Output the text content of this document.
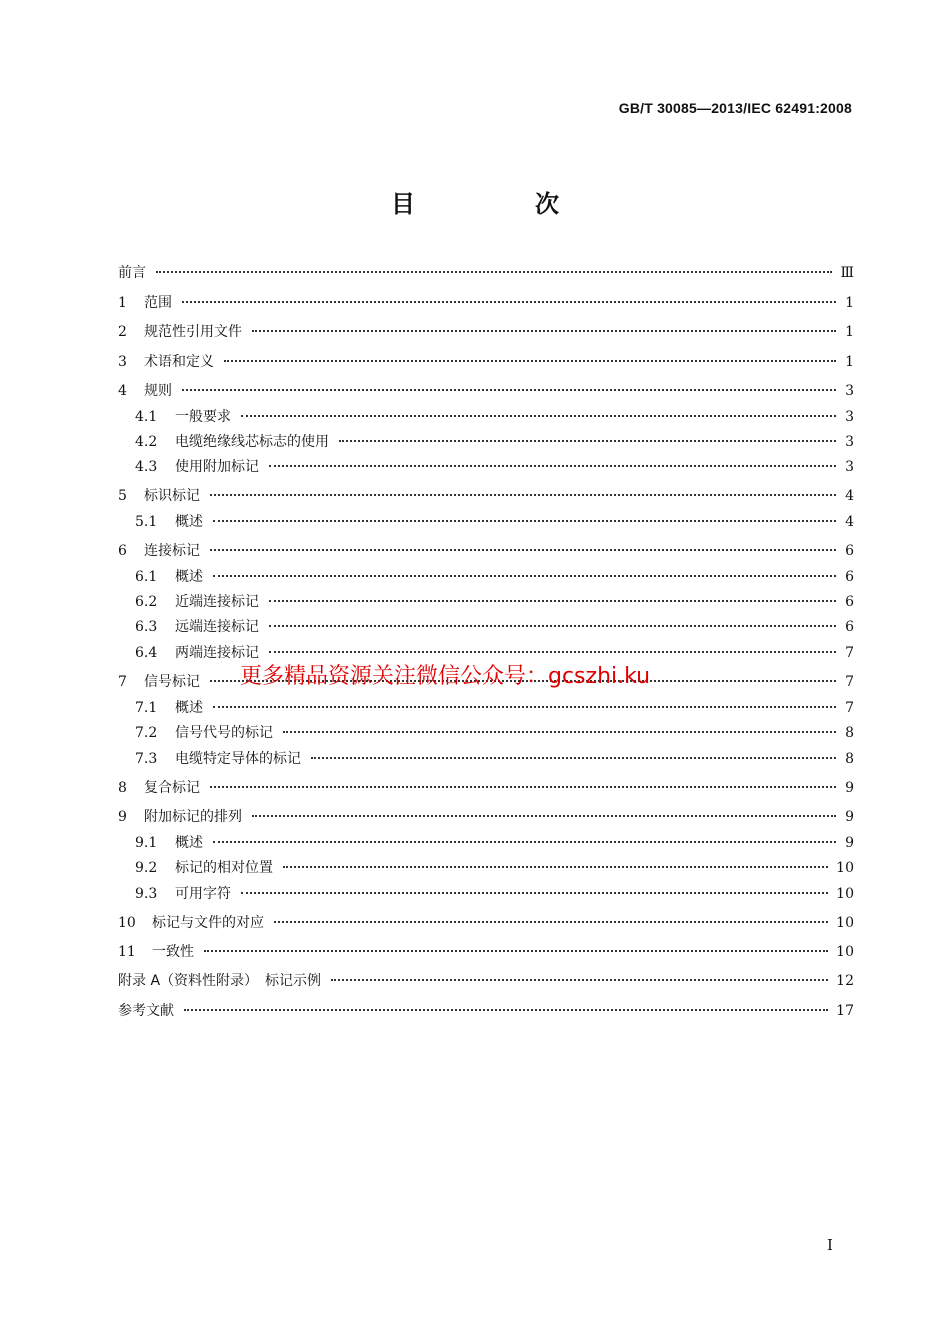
GB/T 30085—2013/IEC 62491:2008
目　次
前言	Ⅲ
1	范围	1
2	规范性引用文件	1
3	术语和定义	1
4	规则	3
4.1	一般要求	3
4.2	电缆绝缘线芯标志的使用	3
4.3	使用附加标记	3
5	标识标记	4
5.1	概述	4
6	连接标记	6
6.1	概述	6
6.2	近端连接标记	6
6.3	远端连接标记	6
6.4	两端连接标记	7
7	信号标记	7
7.1	概述	7
7.2	信号代号的标记	8
7.3	电缆特定导体的标记	8
8	复合标记	9
9	附加标记的排列	9
9.1	概述	9
9.2	标记的相对位置	10
9.3	可用字符	10
10	标记与文件的对应	10
11	一致性	10
附录 A（资料性附录）　标记示例	12
参考文献	17
更多精品资源关注微信公众号：gcszhi.ku
I
